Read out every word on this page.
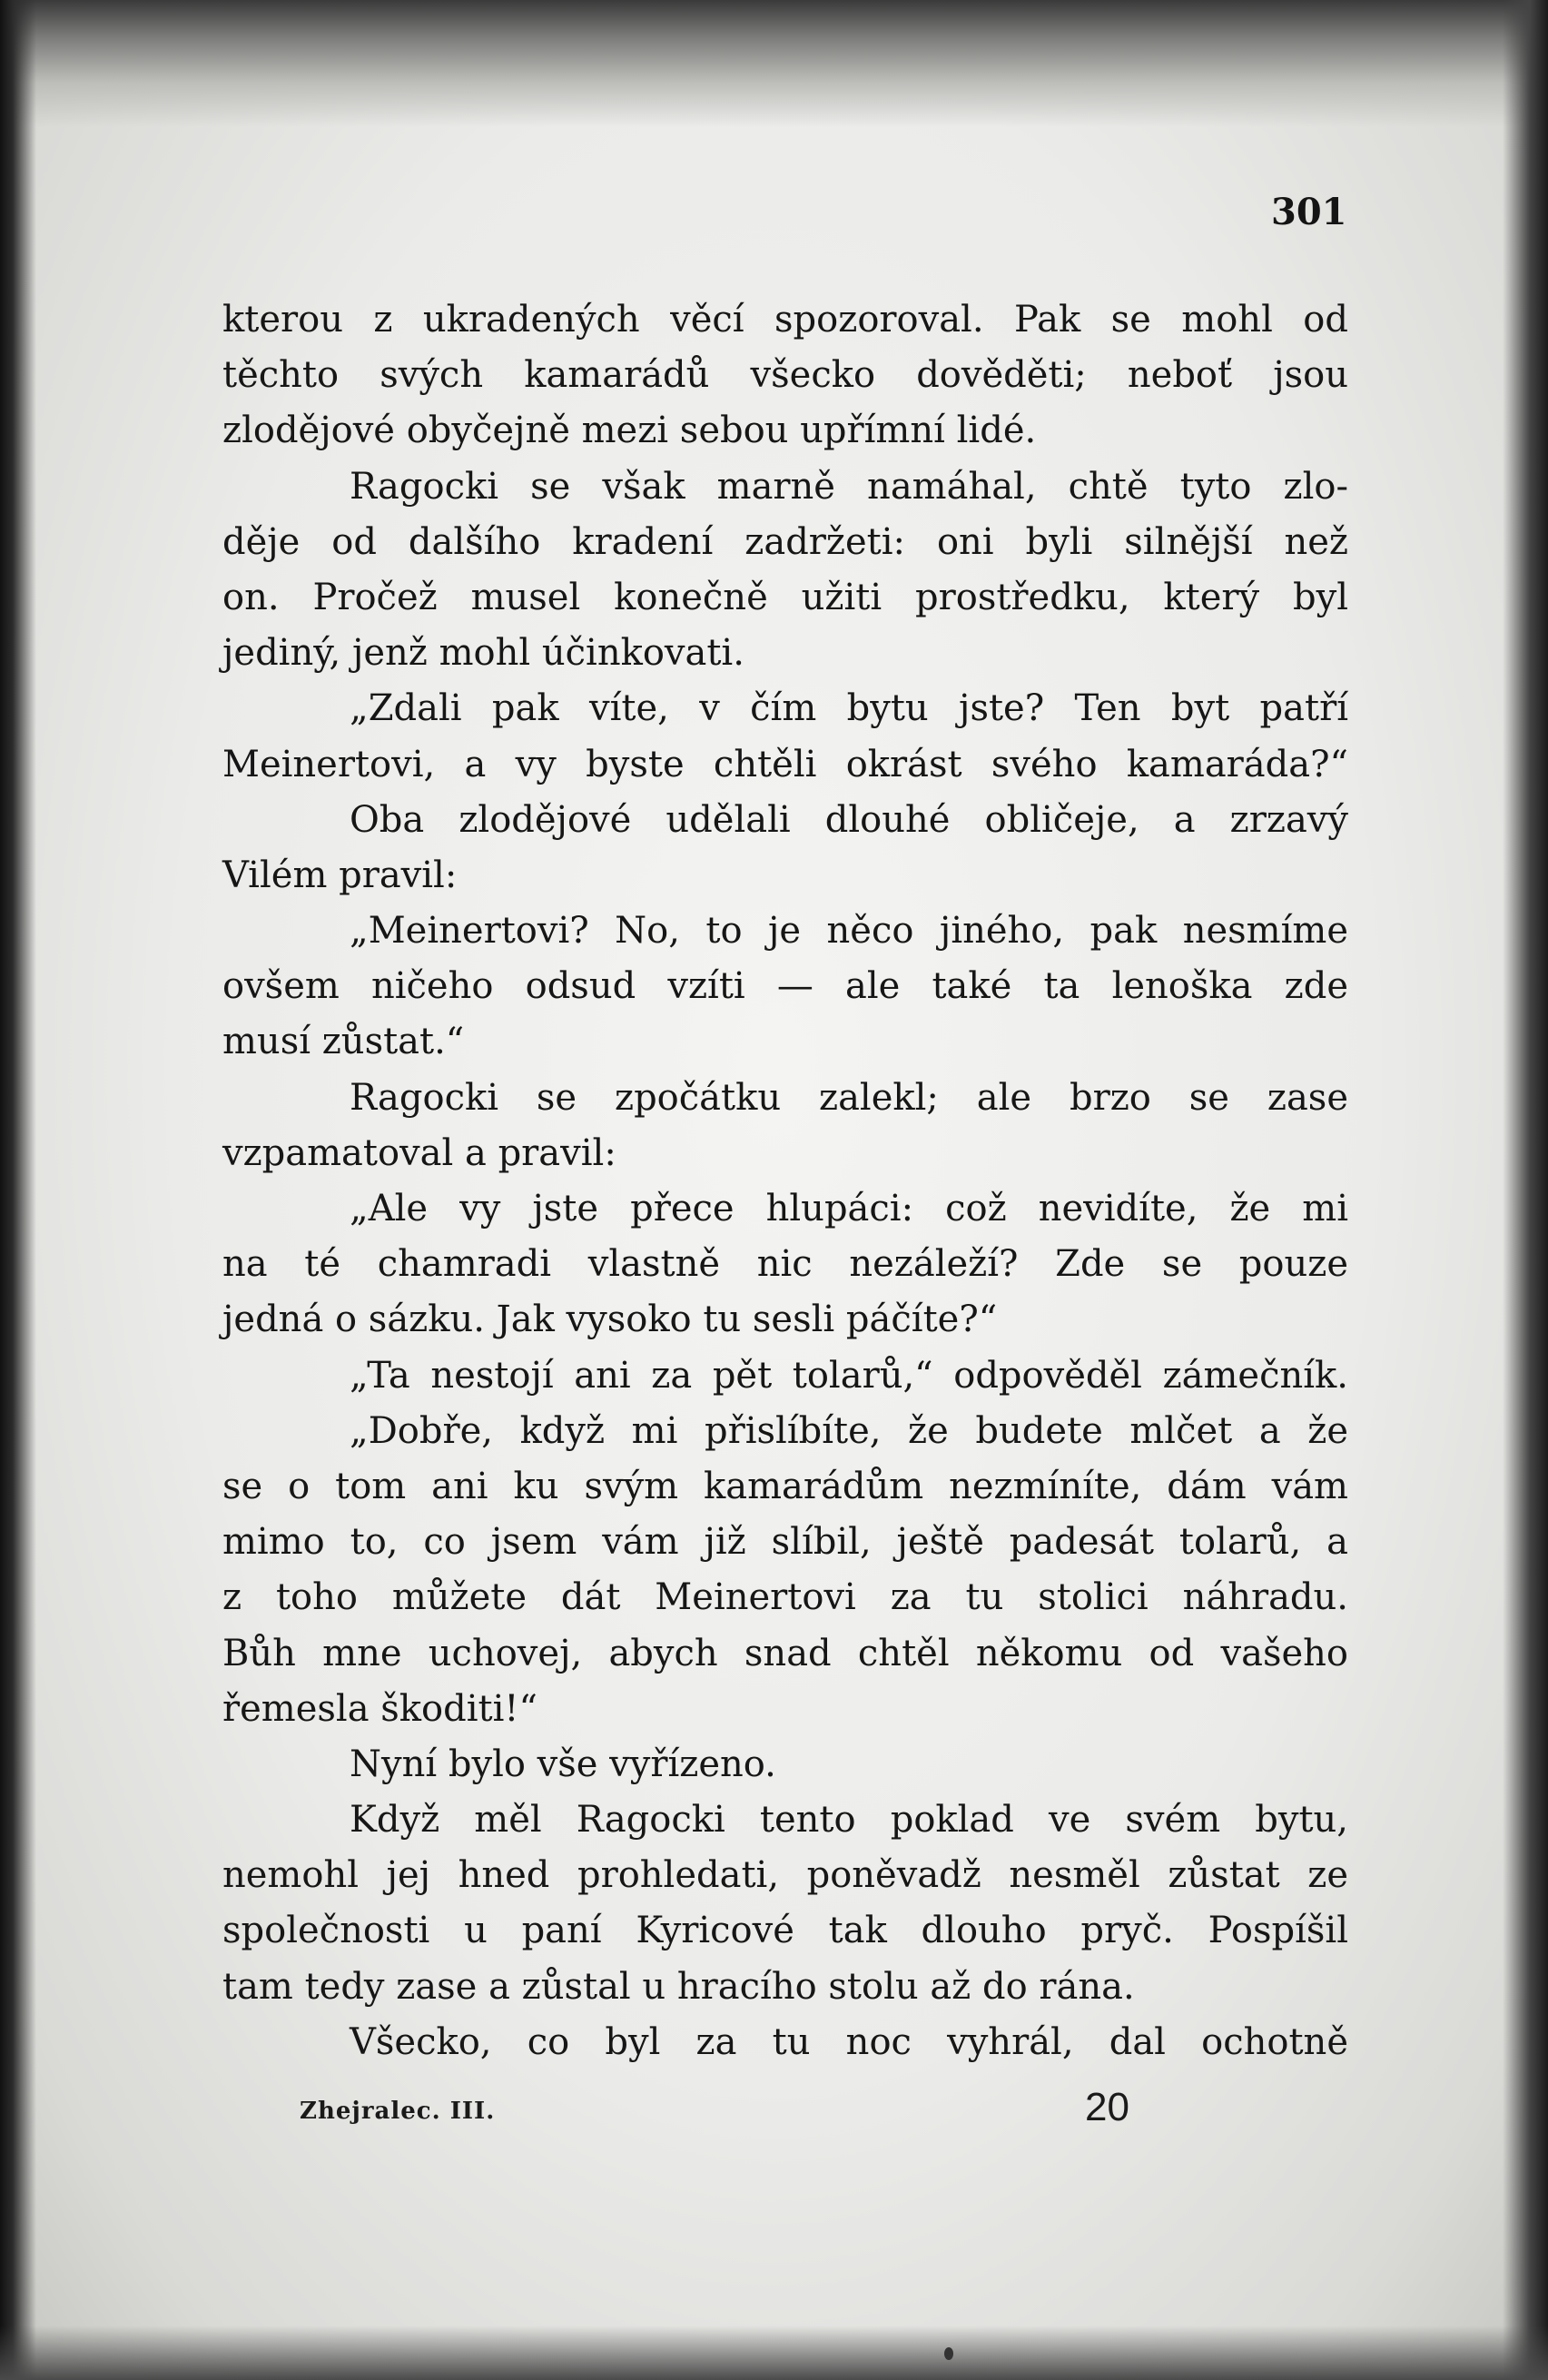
301
kterou z ukradených věcí spozoroval. Pak se mohl od
těchto svých kamarádů všecko dověděti; neboť jsou
zlodějové obyčejně mezi sebou upřímní lidé.
Ragocki se však marně namáhal, chtě tyto zlo-
děje od dalšího kradení zadržeti: oni byli silnější než
on. Pročež musel konečně užiti prostředku, který byl
jediný, jenž mohl účinkovati.
„Zdali pak víte, v čím bytu jste? Ten byt patří
Meinertovi, a vy byste chtěli okrást svého kamaráda?“
Oba zlodějové udělali dlouhé obličeje, a zrzavý
Vilém pravil:
„Meinertovi? No, to je něco jiného, pak nesmíme
ovšem ničeho odsud vzíti — ale také ta lenoška zde
musí zůstat.“
Ragocki se zpočátku zalekl; ale brzo se zase
vzpamatoval a pravil:
„Ale vy jste přece hlupáci: což nevidíte, že mi
na té chamradi vlastně nic nezáleží? Zde se pouze
jedná o sázku. Jak vysoko tu sesli páčíte?“
„Ta nestojí ani za pět tolarů,“ odpověděl zámečník.
„Dobře, když mi přislíbíte, že budete mlčet a že
se o tom ani ku svým kamarádům nezmíníte, dám vám
mimo to, co jsem vám již slíbil, ještě padesát tolarů, a
z toho můžete dát Meinertovi za tu stolici náhradu.
Bůh mne uchovej, abych snad chtěl někomu od vašeho
řemesla škoditi!“
Nyní bylo vše vyřízeno.
Když měl Ragocki tento poklad ve svém bytu,
nemohl jej hned prohledati, poněvadž nesměl zůstat ze
společnosti u paní Kyricové tak dlouho pryč. Pospíšil
tam tedy zase a zůstal u hracího stolu až do rána.
Všecko, co byl za tu noc vyhrál, dal ochotně
Zhejralec. III.	20
